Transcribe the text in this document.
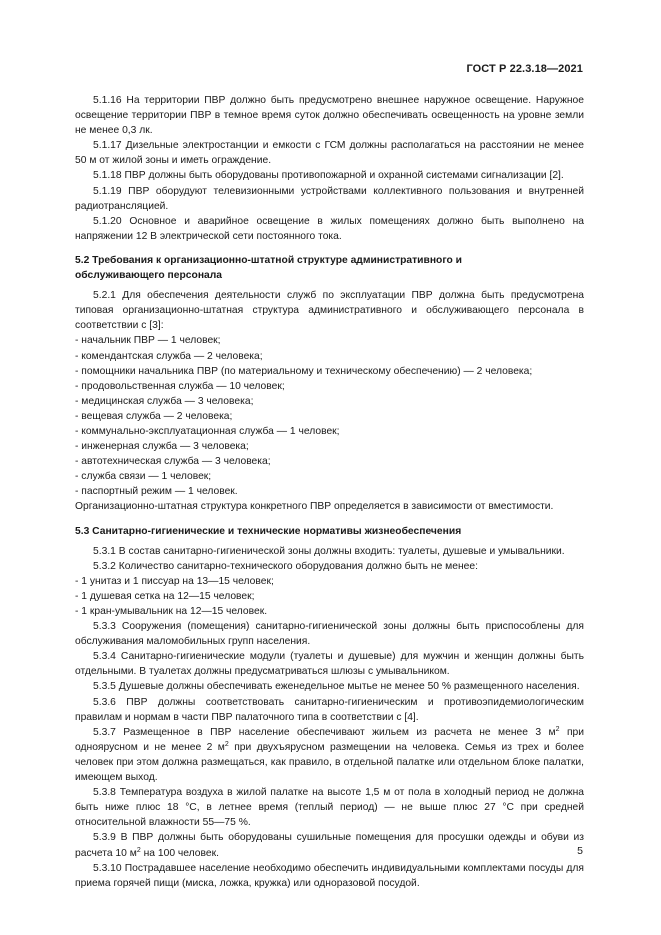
ГОСТ Р 22.3.18—2021

5.1.16 На территории ПВР должно быть предусмотрено внешнее наружное освещение. Наружное освещение территории ПВР в темное время суток должно обеспечивать освещенность на уровне земли не менее 0,3 лк.

5.1.17 Дизельные электростанции и емкости с ГСМ должны располагаться на расстоянии не менее 50 м от жилой зоны и иметь ограждение.

5.1.18 ПВР должны быть оборудованы противопожарной и охранной системами сигнализации [2].

5.1.19 ПВР оборудуют телевизионными устройствами коллективного пользования и внутренней радиотрансляцией.

5.1.20 Основное и аварийное освещение в жилых помещениях должно быть выполнено на напряжении 12 В электрической сети постоянного тока.

5.2 Требования к организационно-штатной структуре административного и
обслуживающего персонала

5.2.1 Для обеспечения деятельности служб по эксплуатации ПВР должна быть предусмотрена типовая организационно-штатная структура административного и обслуживающего персонала в соответствии с [3]:

- начальник ПВР — 1 человек;

- комендантская служба — 2 человека;

- помощники начальника ПВР (по материальному и техническому обеспечению) — 2 человека;

- продовольственная служба — 10 человек;

- медицинская служба — 3 человека;

- вещевая служба — 2 человека;

- коммунально-эксплуатационная служба — 1 человек;

- инженерная служба — 3 человека;

- автотехническая служба — 3 человека;

- служба связи — 1 человек;

- паспортный режим — 1 человек.

Организационно-штатная структура конкретного ПВР определяется в зависимости от вместимости.

5.3 Санитарно-гигиенические и технические нормативы жизнеобеспечения

5.3.1 В состав санитарно-гигиенической зоны должны входить: туалеты, душевые и умывальники.

5.3.2 Количество санитарно-технического оборудования должно быть не менее:

- 1 унитаз и 1 писсуар на 13—15 человек;

- 1 душевая сетка на 12—15 человек;

- 1 кран-умывальник на 12—15 человек.

5.3.3 Сооружения (помещения) санитарно-гигиенической зоны должны быть приспособлены для обслуживания маломобильных групп населения.

5.3.4 Санитарно-гигиенические модули (туалеты и душевые) для мужчин и женщин должны быть отдельными. В туалетах должны предусматриваться шлюзы с умывальником.

5.3.5 Душевые должны обеспечивать еженедельное мытье не менее 50 % размещенного населения.

5.3.6 ПВР должны соответствовать санитарно-гигиеническим и противоэпидемиологическим правилам и нормам в части ПВР палаточного типа в соответствии с [4].

5.3.7 Размещенное в ПВР население обеспечивают жильем из расчета не менее 3 $м^2$ при одноярусном и не менее 2 $м^2$ при двухъярусном размещении на человека. Семья из трех и более человек при этом должна размещаться, как правило, в отдельной палатке или отдельном блоке палатки, имеющем выход.

5.3.8 Температура воздуха в жилой палатке на высоте 1,5 м от пола в холодный период не должна быть ниже плюс 18 °С, в летнее время (теплый период) — не выше плюс 27 °С при средней относительной влажности 55—75 %.

5.3.9 В ПВР должны быть оборудованы сушильные помещения для просушки одежды и обуви из расчета 10 $м^2$ на 100 человек.

5.3.10 Пострадавшее население необходимо обеспечить индивидуальными комплектами посуды для приема горячей пищи (миска, ложка, кружка) или одноразовой посудой.

5
